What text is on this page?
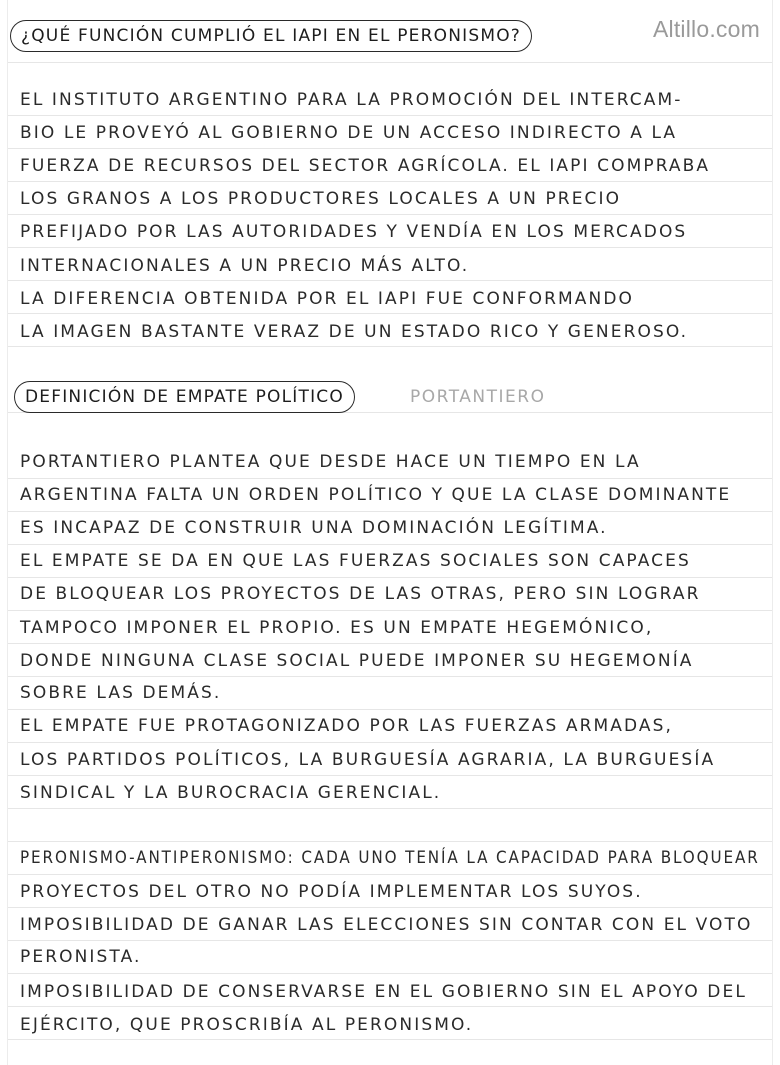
Altillo.com
¿QUÉ FUNCIÓN CUMPLIÓ EL IAPI EN EL PERONISMO?
EL INSTITUTO ARGENTINO PARA LA PROMOCIÓN DEL INTERCAM-
BIO LE PROVEYÓ AL GOBIERNO DE UN ACCESO INDIRECTO A LA
FUERZA DE RECURSOS DEL SECTOR AGRÍCOLA. EL IAPI COMPRABA
LOS GRANOS A LOS PRODUCTORES LOCALES A UN PRECIO
PREFIJADO POR LAS AUTORIDADES Y VENDÍA EN LOS MERCADOS
INTERNACIONALES A UN PRECIO MÁS ALTO.
LA DIFERENCIA OBTENIDA POR EL IAPI FUE CONFORMANDO
LA IMAGEN BASTANTE VERAZ DE UN ESTADO RICO Y GENEROSO.
DEFINICIÓN DE EMPATE POLÍTICO	PORTANTIERO
PORTANTIERO PLANTEA QUE DESDE HACE UN TIEMPO EN LA
ARGENTINA FALTA UN ORDEN POLÍTICO Y QUE LA CLASE DOMINANTE
ES INCAPAZ DE CONSTRUIR UNA DOMINACIÓN LEGÍTIMA.
EL EMPATE SE DA EN QUE LAS FUERZAS SOCIALES SON CAPACES
DE BLOQUEAR LOS PROYECTOS DE LAS OTRAS, PERO SIN LOGRAR
TAMPOCO IMPONER EL PROPIO. ES UN EMPATE HEGEMÓNICO,
DONDE NINGUNA CLASE SOCIAL PUEDE IMPONER SU HEGEMONÍA
SOBRE LAS DEMÁS.
EL EMPATE FUE PROTAGONIZADO POR LAS FUERZAS ARMADAS,
LOS PARTIDOS POLÍTICOS, LA BURGUESÍA AGRARIA, LA BURGUESÍA
SINDICAL Y LA BUROCRACIA GERENCIAL.
PERONISMO-ANTIPERONISMO: CADA UNO TENÍA LA CAPACIDAD PARA BLOQUEAR
PROYECTOS DEL OTRO NO PODÍA IMPLEMENTAR LOS SUYOS.
IMPOSIBILIDAD DE GANAR LAS ELECCIONES SIN CONTAR CON EL VOTO
PERONISTA.
IMPOSIBILIDAD DE CONSERVARSE EN EL GOBIERNO SIN EL APOYO DEL
EJÉRCITO, QUE PROSCRIBÍA AL PERONISMO.
